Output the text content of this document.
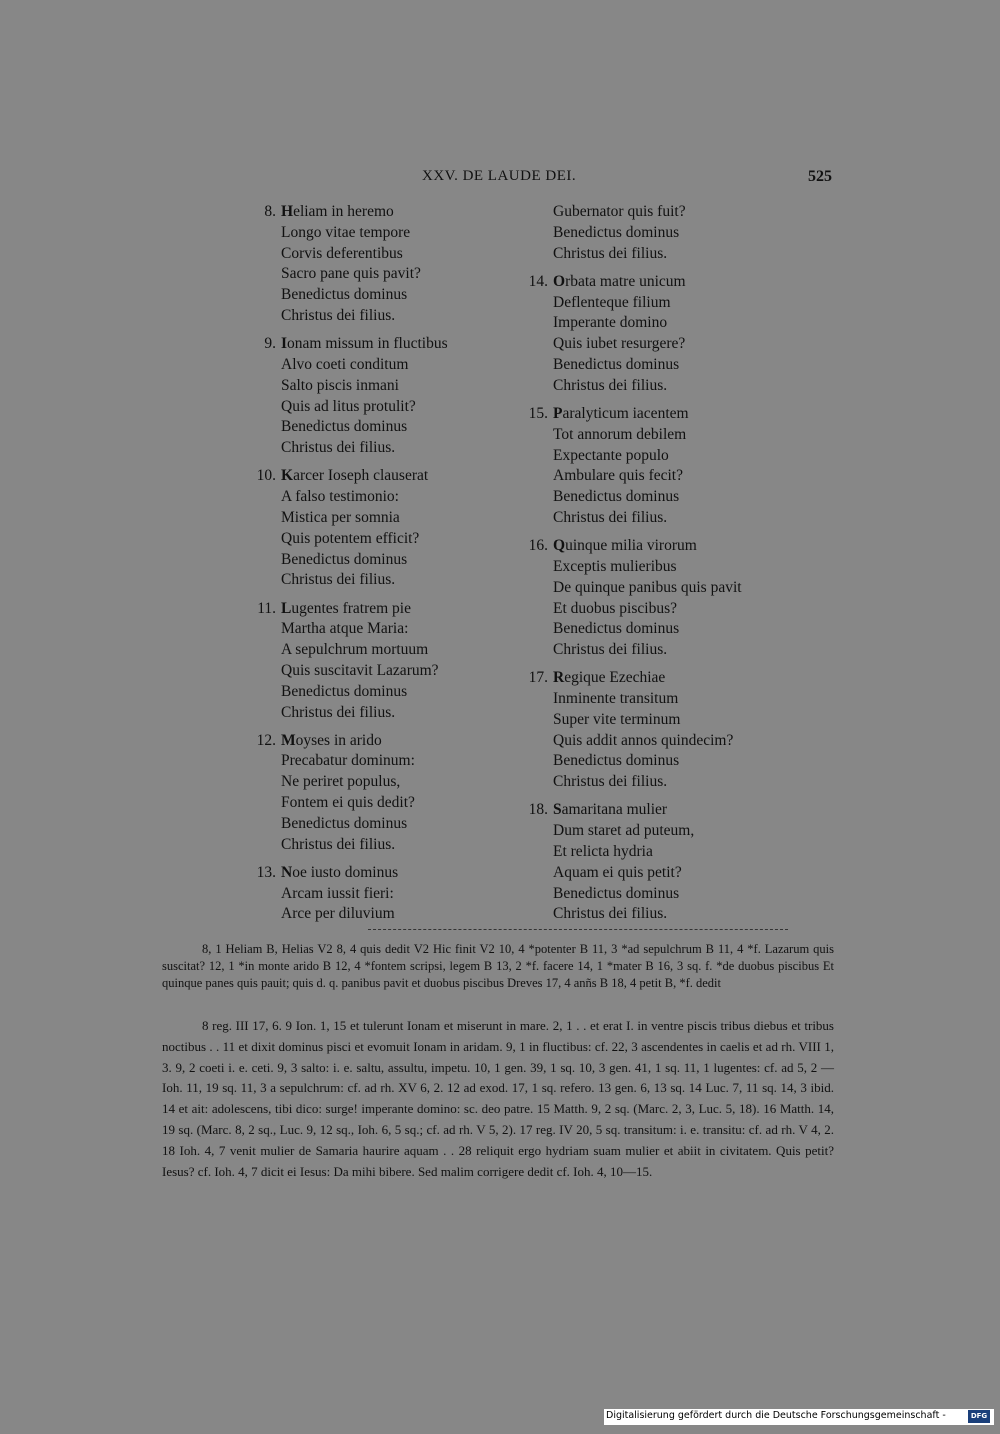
XXV. DE LAUDE DEI.	525
8. Heliam in heremo
Longo vitae tempore
Corvis deferentibus
Sacro pane quis pavit?
Benedictus dominus
Christus dei filius.
9. Ionam missum in fluctibus
Alvo coeti conditum
Salto piscis inmani
Quis ad litus protulit?
Benedictus dominus
Christus dei filius.
10. Karcer Ioseph clauserat
A falso testimonio:
Mistica per somnia
Quis potentem efficit?
Benedictus dominus
Christus dei filius.
11. Lugentes fratrem pie
Martha atque Maria:
A sepulchrum mortuum
Quis suscitavit Lazarum?
Benedictus dominus
Christus dei filius.
12. Moyses in arido
Precabatur dominum:
Ne periret populus,
Fontem ei quis dedit?
Benedictus dominus
Christus dei filius.
13. Noe iusto dominus
Arcam iussit fieri:
Arce per diluvium
Gubernator quis fuit?
Benedictus dominus
Christus dei filius.
14. Orbata matre unicum
Deflenteque filium
Imperante domino
Quis iubet resurgere?
Benedictus dominus
Christus dei filius.
15. Paralyticum iacentem
Tot annorum debilem
Expectante populo
Ambulare quis fecit?
Benedictus dominus
Christus dei filius.
16. Quinque milia virorum
Exceptis mulieribus
De quinque panibus quis pavit
Et duobus piscibus?
Benedictus dominus
Christus dei filius.
17. Regique Ezechiae
Inminente transitum
Super vite terminum
Quis addit annos quindecim?
Benedictus dominus
Christus dei filius.
18. Samaritana mulier
Dum staret ad puteum,
Et relicta hydria
Aquam ei quis petit?
Benedictus dominus
Christus dei filius.
8, 1 Heliam B, Helias V2 8, 4 quis dedit V2 Hic finit V2 10, 4 *potenter B 11, 3 *ad sepulchrum B 11, 4 *f. Lazarum quis suscitat? 12, 1 *in monte arido B 12, 4 *fontem scripsi, legem B 13, 2 *f. facere 14, 1 *mater B 16, 3 sq. f. *de duobus piscibus Et quinque panes quis pauit; quis d. q. panibus pavit et duobus piscibus Dreves 17, 4 anñs B 18, 4 petit B, *f. dedit
8 reg. III 17, 6. 9 Ion. 1, 15 et tulerunt Ionam et miserunt in mare. 2, 1 . . et erat I. in ventre piscis tribus diebus et tribus noctibus . . 11 et dixit dominus pisci et evomuit Ionam in aridam. 9, 1 in fluctibus: cf. 22, 3 ascendentes in caelis et ad rh. VIII 1, 3. 9, 2 coeti i. e. ceti. 9, 3 salto: i. e. saltu, assultu, impetu. 10, 1 gen. 39, 1 sq. 10, 3 gen. 41, 1 sq. 11, 1 lugentes: cf. ad 5, 2 — Ioh. 11, 19 sq. 11, 3 a sepulchrum: cf. ad rh. XV 6, 2. 12 ad exod. 17, 1 sq. refero. 13 gen. 6, 13 sq. 14 Luc. 7, 11 sq. 14, 3 ibid. 14 et ait: adolescens, tibi dico: surge! imperante domino: sc. deo patre. 15 Matth. 9, 2 sq. (Marc. 2, 3, Luc. 5, 18). 16 Matth. 14, 19 sq. (Marc. 8, 2 sq., Luc. 9, 12 sq., Ioh. 6, 5 sq.; cf. ad rh. V 5, 2). 17 reg. IV 20, 5 sq. transitum: i. e. transitu: cf. ad rh. V 4, 2. 18 Ioh. 4, 7 venit mulier de Samaria haurire aquam . . 28 reliquit ergo hydriam suam mulier et abiit in civitatem. Quis petit? Iesus? cf. Ioh. 4, 7 dicit ei Iesus: Da mihi bibere. Sed malim corrigere dedit cf. Ioh. 4, 10—15.
Digitalisierung gefördert durch die Deutsche Forschungsgemeinschaft -	DFG
